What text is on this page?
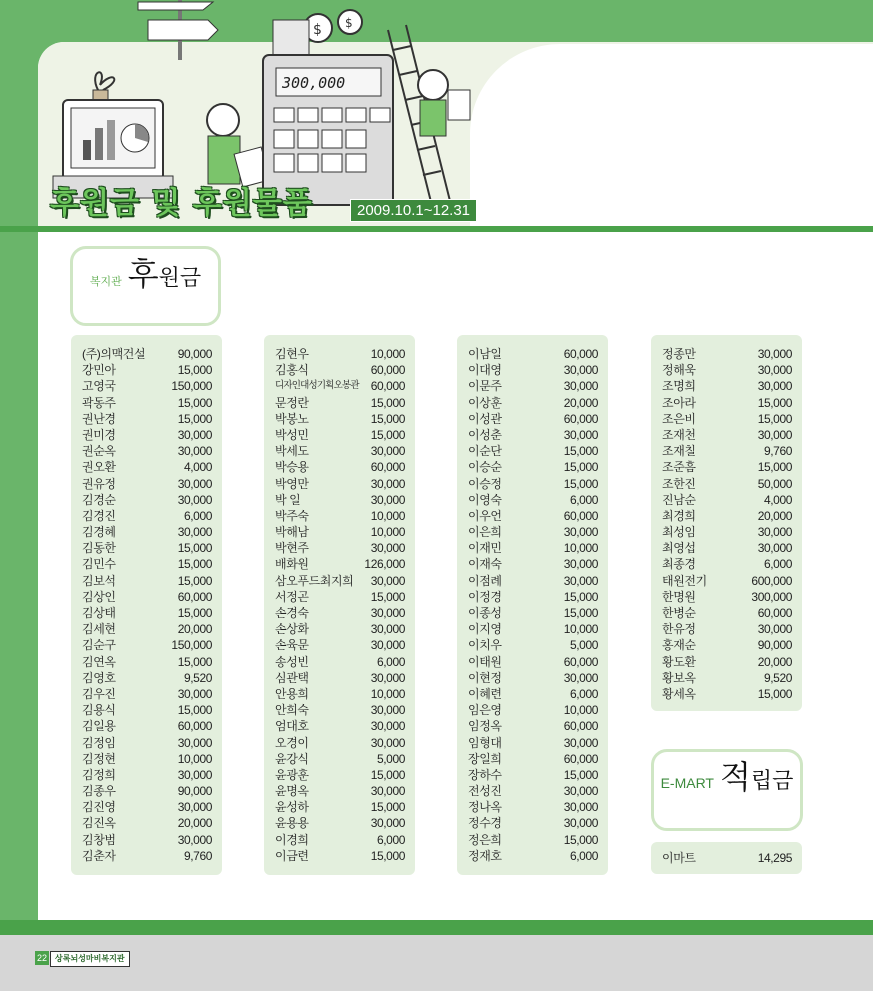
$ $
300,000
후원금 및 후원물품	2009.10.1~12.31
복지관 후 원금
(주)의맥건설	90,000
강민아	15,000
고영국	150,000
곽동주	15,000
권난경	15,000
권미경	30,000
권순옥	30,000
권오환	4,000
권유정	30,000
김경순	30,000
김경진	6,000
김경혜	30,000
김동한	15,000
김민수	15,000
김보석	15,000
김상인	60,000
김상태	15,000
김세현	20,000
김순구	150,000
김연옥	15,000
김영호	9,520
김우진	30,000
김용식	15,000
김일용	60,000
김정임	30,000
김정현	10,000
김정희	30,000
김종우	90,000
김진영	30,000
김진옥	20,000
김창범	30,000
김춘자	9,760
김현우	10,000
김홍식	60,000
디자인대성기획오봉관 60,000
문정란	15,000
박봉노	15,000
박성민	15,000
박세도	30,000
박승용	60,000
박영만	30,000
박 일	30,000
박주숙	10,000
박해남	10,000
박현주	30,000
배화원	126,000
삼오푸드최지희 30,000
서정곤	15,000
손경숙	30,000
손상화	30,000
손육문	30,000
송성빈	6,000
심관택	30,000
안용희	10,000
안희숙	30,000
엄대호	30,000
오경이	30,000
윤강식	5,000
윤광훈	15,000
윤명옥	30,000
윤성하	15,000
윤용용	30,000
이경희	6,000
이금련	15,000
이남일	60,000
이대영	30,000
이문주	30,000
이상훈	20,000
이성관	60,000
이성춘	30,000
이순단	15,000
이승순	15,000
이승정	15,000
이영숙	6,000
이우언	60,000
이은희	30,000
이재민	10,000
이재숙	30,000
이점례	30,000
이정경	15,000
이종성	15,000
이지영	10,000
이치우	5,000
이태원	60,000
이현정	30,000
이혜련	6,000
임은영	10,000
임정옥	60,000
임형대	30,000
장일희	60,000
장하수	15,000
전성진	30,000
정나옥	30,000
정수경	30,000
정은희	15,000
정재호	6,000
정종만	30,000
정해욱	30,000
조명희	30,000
조아라	15,000
조은비	15,000
조재천	30,000
조재칠	9,760
조준흠	15,000
조한진	50,000
진남순	4,000
최경희	20,000
최성임	30,000
최영섭	30,000
최종경	6,000
태원전기	600,000
한명원	300,000
한병순	60,000
한유정	30,000
홍재순	90,000
황도환	20,000
황보옥	9,520
황세옥	15,000
E-MART 적 립금
이마트	14,295
22	상록뇌성마비복지관
